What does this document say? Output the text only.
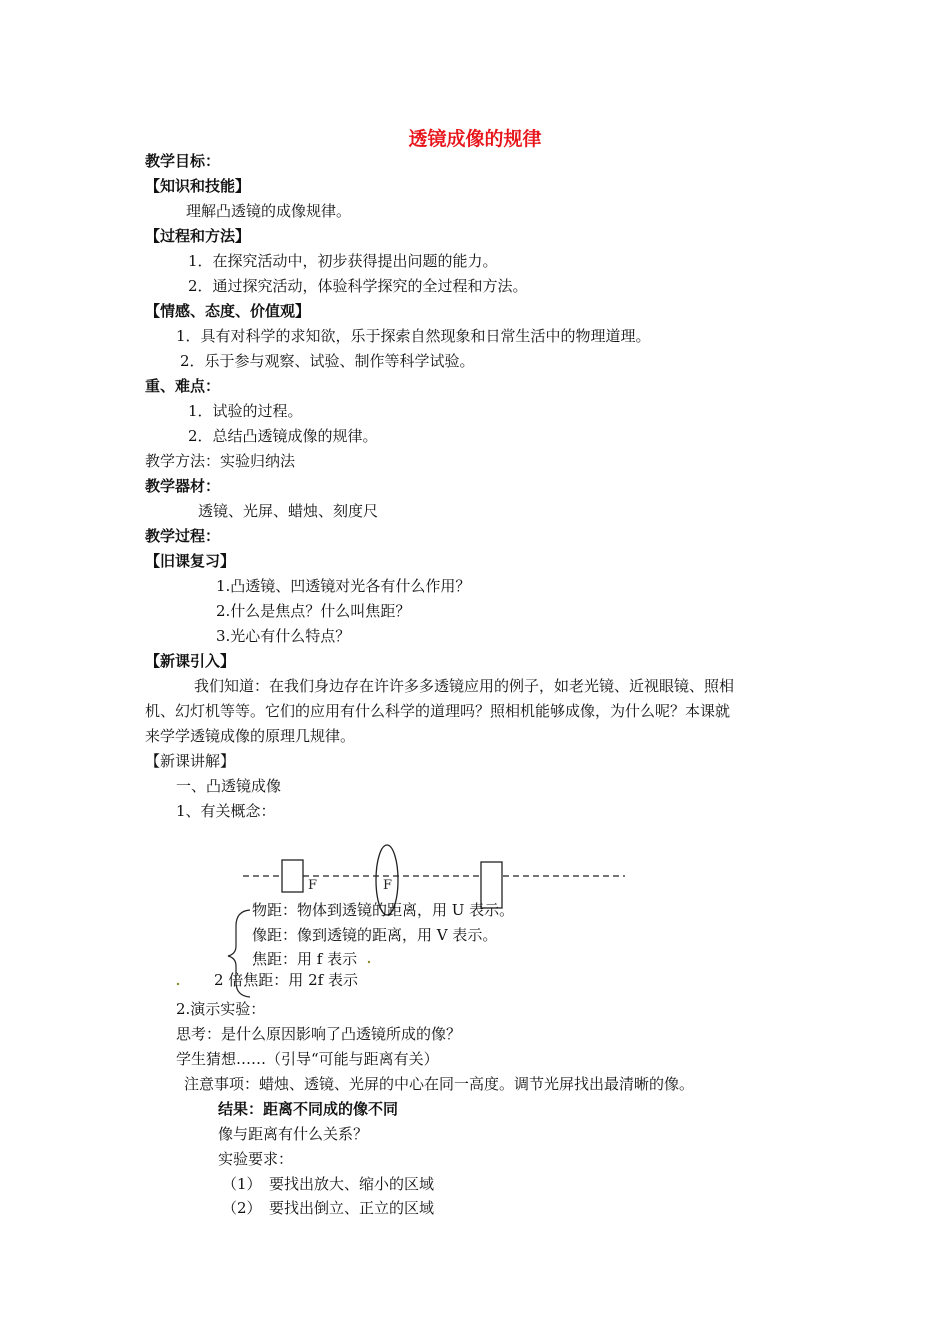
透镜成像的规律
教学目标：
【知识和技能】
理解凸透镜的成像规律。
【过程和方法】
1．在探究活动中，初步获得提出问题的能力。
2．通过探究活动，体验科学探究的全过程和方法。
【情感、态度、价值观】
1．具有对科学的求知欲，乐于探索自然现象和日常生活中的物理道理。
2．乐于参与观察、试验、制作等科学试验。
重、难点：
1．试验的过程。
2．总结凸透镜成像的规律。
教学方法：实验归纳法
教学器材：
透镜、光屏、蜡烛、刻度尺
教学过程：
【旧课复习】
1.凸透镜、凹透镜对光各有什么作用？
2.什么是焦点？什么叫焦距？
3.光心有什么特点？
【新课引入】
我们知道：在我们身边存在许许多多透镜应用的例子，如老光镜、近视眼镜、照相
机、幻灯机等等。它们的应用有什么科学的道理吗？照相机能够成像，为什么呢？本课就
来学学透镜成像的原理几规律。
【新课讲解】
一、凸透镜成像
1、有关概念：
F	F
物距：物体到透镜的距离，用 U 表示。
像距：像到透镜的距离，用 V 表示。
焦距：用 f 表示
2 倍焦距：用 2f 表示
2.演示实验：
思考：是什么原因影响了凸透镜所成的像？
学生猜想……（引导“可能与距离有关）
注意事项：蜡烛、透镜、光屏的中心在同一高度。调节光屏找出最清晰的像。
结果：距离不同成的像不同
像与距离有什么关系？
实验要求：
（1）　要找出放大、缩小的区域
（2）　要找出倒立、正立的区域
